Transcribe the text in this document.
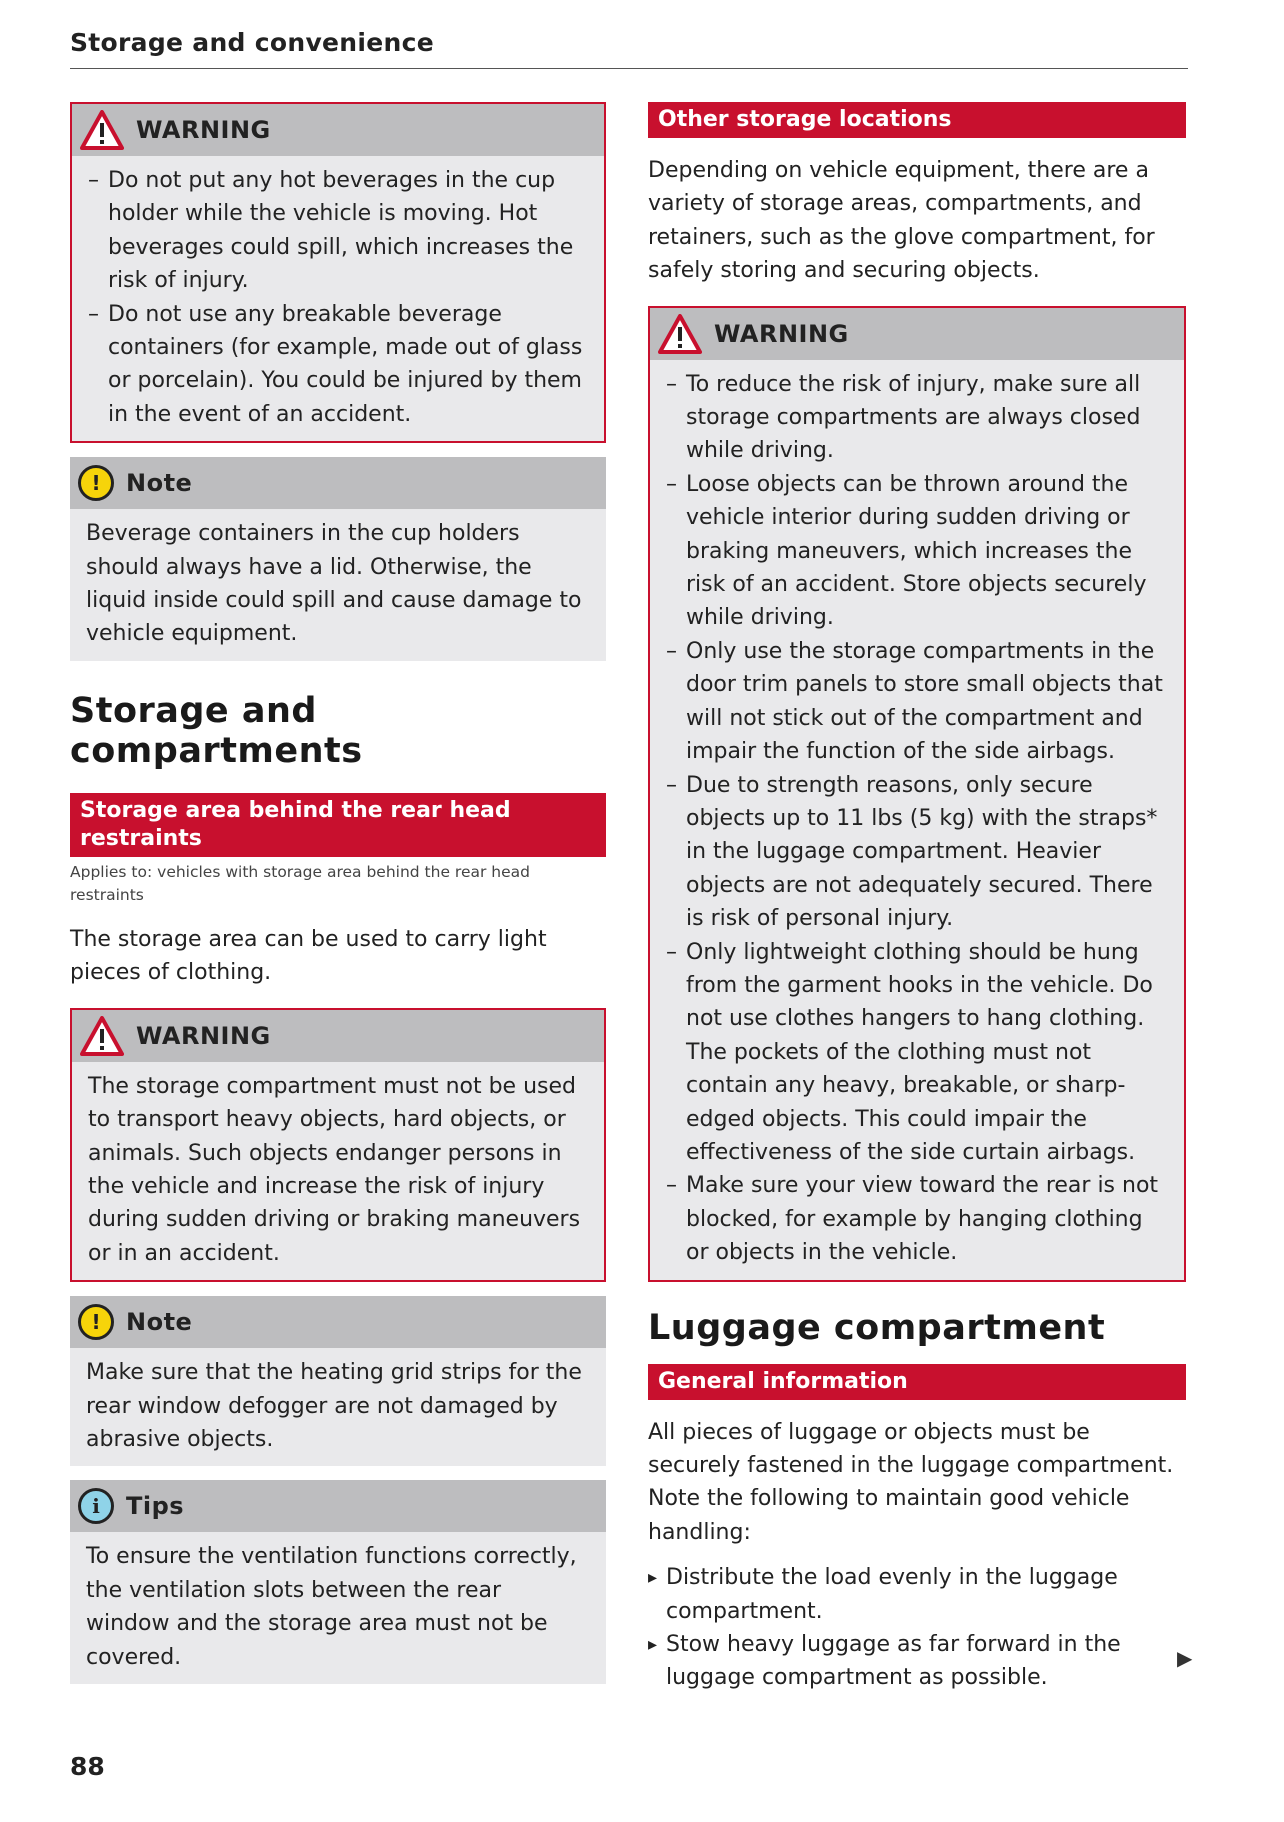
Storage and convenience
WARNING
– Do not put any hot beverages in the cup holder while the vehicle is moving. Hot beverages could spill, which increases the risk of injury.
– Do not use any breakable beverage containers (for example, made out of glass or porcelain). You could be injured by them in the event of an accident.
!	Note

Beverage containers in the cup holders should always have a lid. Otherwise, the liquid inside could spill and cause damage to vehicle equipment.

Storage and compartments
Storage area behind the rear head restraints
Applies to: vehicles with storage area behind the rear head restraints

The storage area can be used to carry light pieces of clothing.

WARNING

The storage compartment must not be used to transport heavy objects, hard objects, or animals. Such objects endanger persons in the vehicle and increase the risk of injury during sudden driving or braking maneuvers or in an accident.

!	Note

Make sure that the heating grid strips for the rear window defogger are not damaged by abrasive objects.

i	Tips

To ensure the ventilation functions correctly, the ventilation slots between the rear window and the storage area must not be covered.

Other storage locations

Depending on vehicle equipment, there are a variety of storage areas, compartments, and retainers, such as the glove compartment, for safely storing and securing objects.

WARNING
– To reduce the risk of injury, make sure all storage compartments are always closed while driving.
– Loose objects can be thrown around the vehicle interior during sudden driving or braking maneuvers, which increases the risk of an accident. Store objects securely while driving.
– Only use the storage compartments in the door trim panels to store small objects that will not stick out of the compartment and impair the function of the side airbags.
– Due to strength reasons, only secure objects up to 11 lbs (5 kg) with the straps* in the luggage compartment. Heavier objects are not adequately secured. There is risk of personal injury.
– Only lightweight clothing should be hung from the garment hooks in the vehicle. Do not use clothes hangers to hang clothing. The pockets of the clothing must not contain any heavy, breakable, or sharp-edged objects. This could impair the effectiveness of the side curtain airbags.
– Make sure your view toward the rear is not blocked, for example by hanging clothing or objects in the vehicle.
Luggage compartment
General information

All pieces of luggage or objects must be securely fastened in the luggage compartment. Note the following to maintain good vehicle handling:

▸ Distribute the load evenly in the luggage compartment.
▸ Stow heavy luggage as far forward in the luggage compartment as possible.
▶
88
